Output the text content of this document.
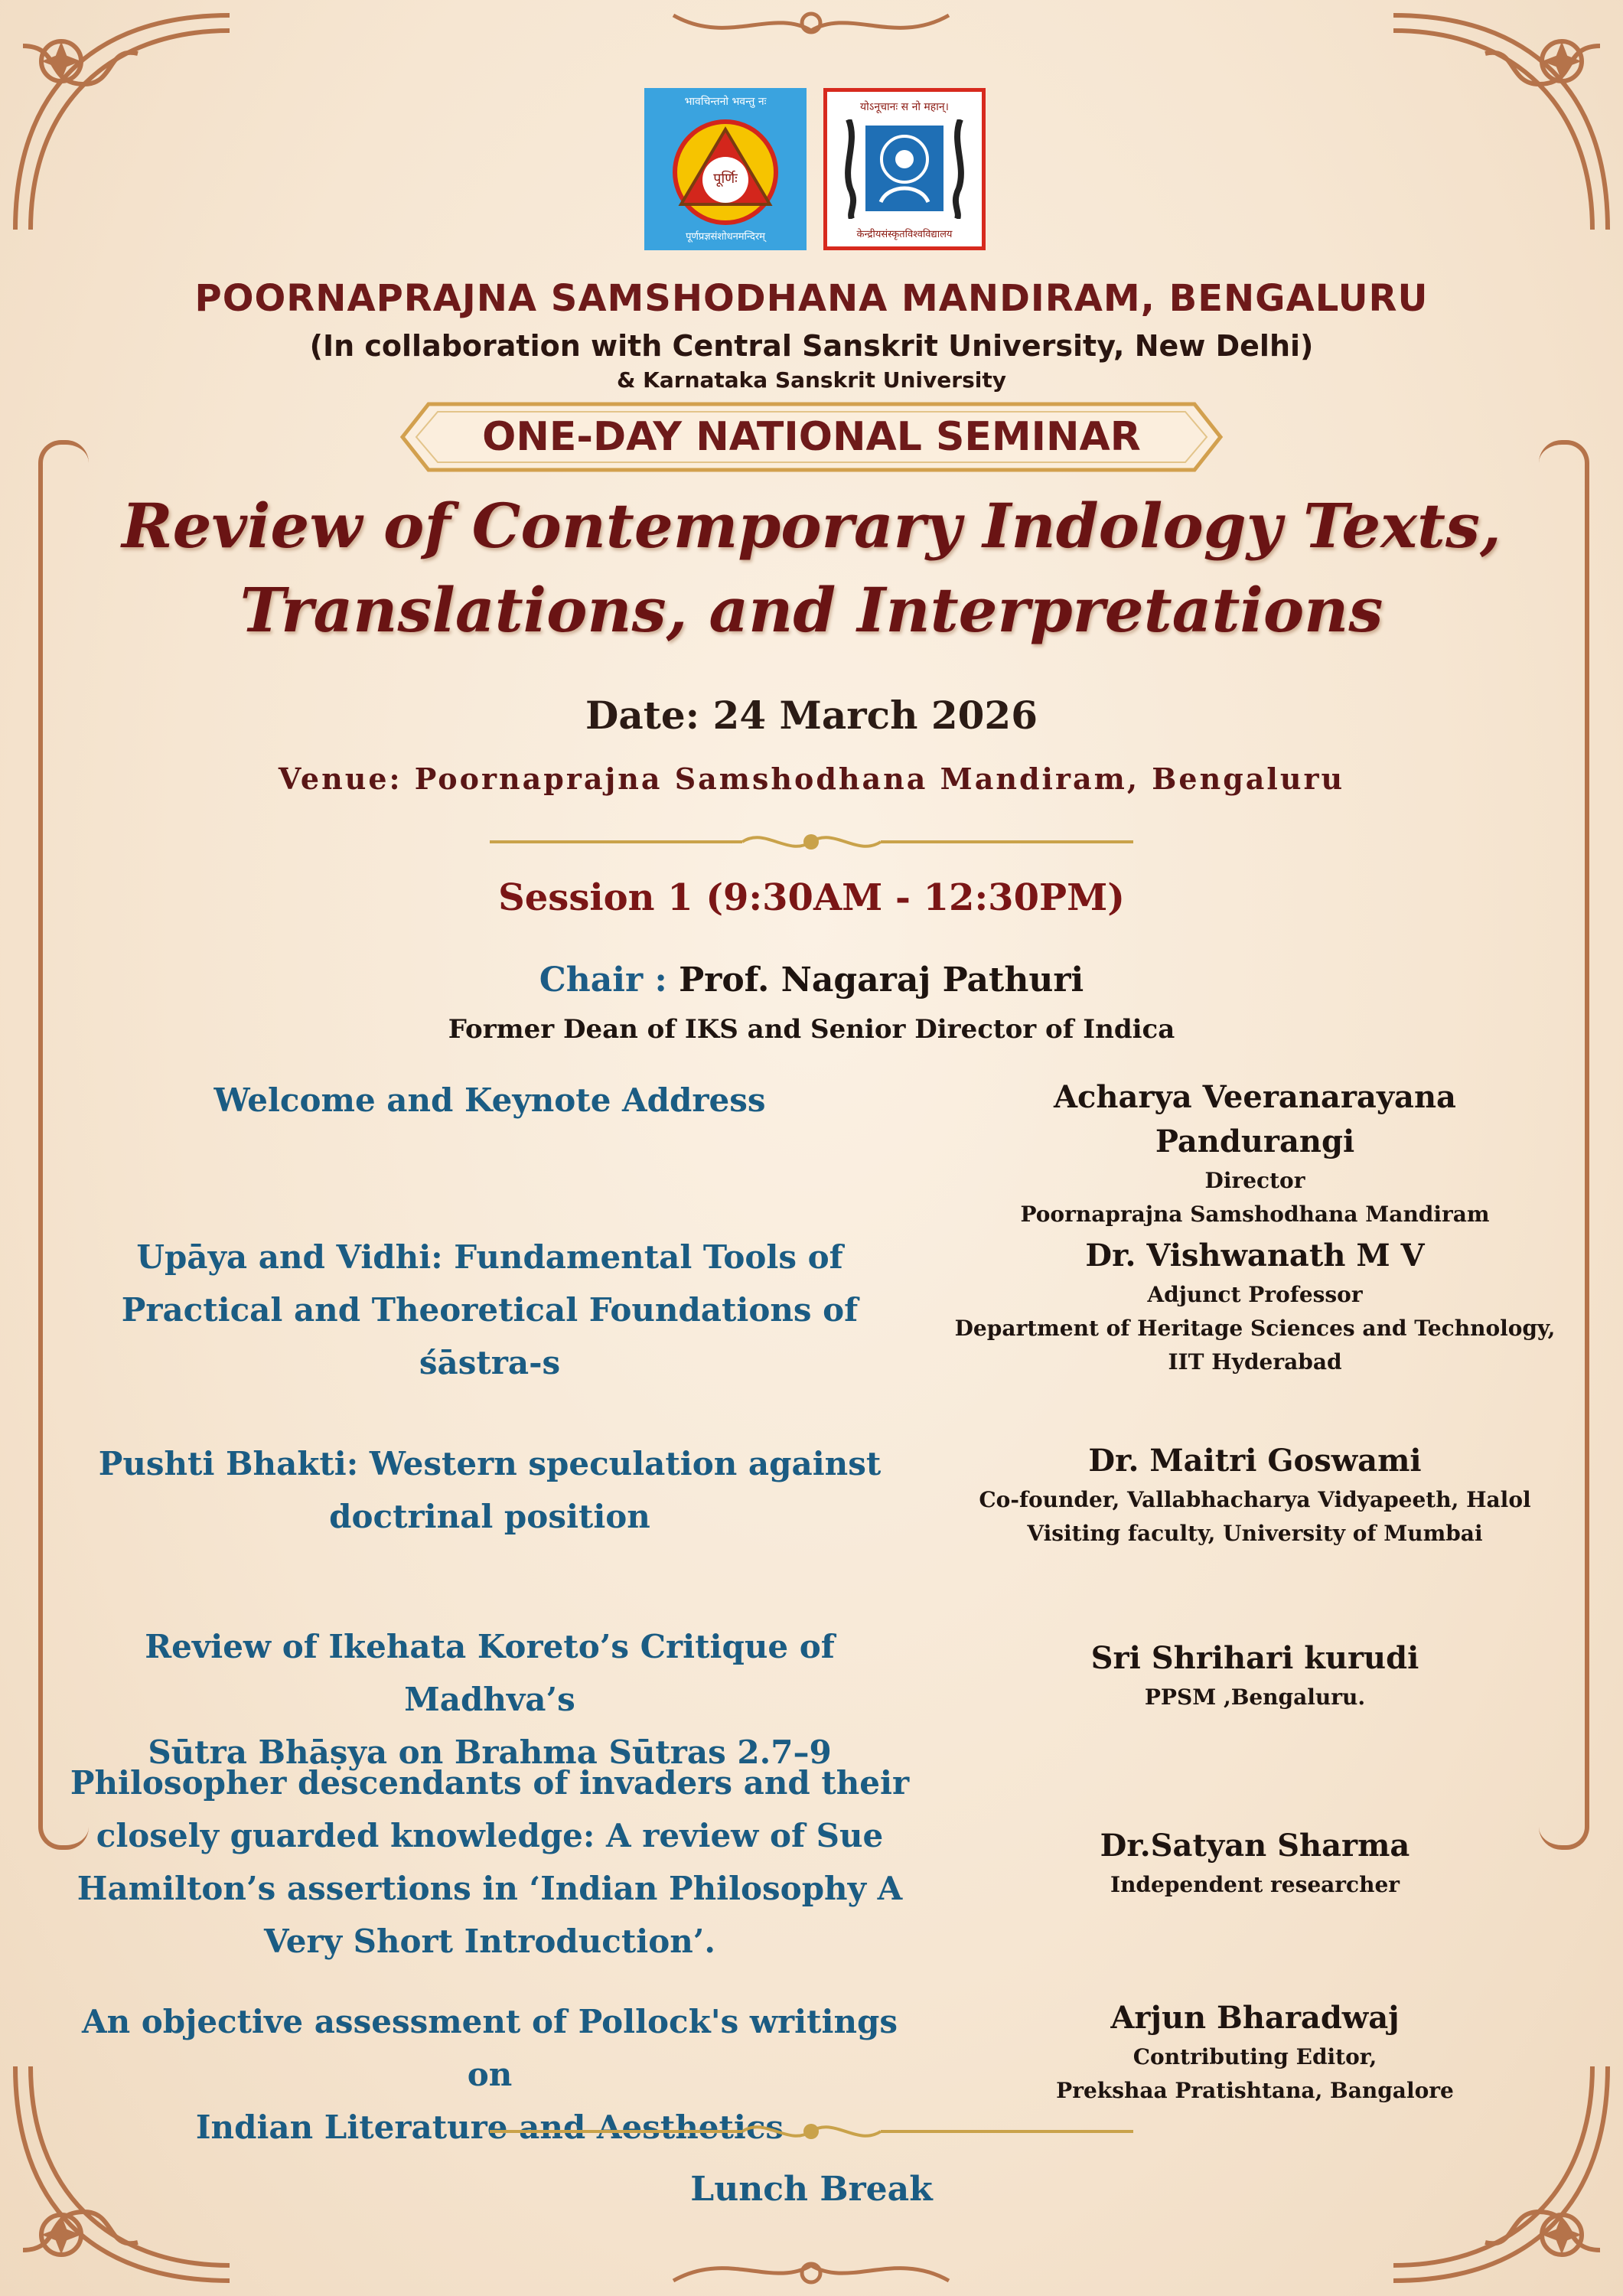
भावचिन्तनो भवन्तु नः
पूर्णिः
पूर्णप्रज्ञसंशोधनमन्दिरम्
योऽनूचानः स नो महान्।
केन्द्रीयसंस्कृतविश्वविद्यालय
POORNAPRAJNA SAMSHODHANA MANDIRAM, BENGALURU
(In collaboration with Central Sanskrit University, New Delhi)
& Karnataka Sanskrit University
ONE-DAY NATIONAL SEMINAR
Review of Contemporary Indology Texts,
Translations, and Interpretations
Date: 24 March 2026
Venue: Poornaprajna Samshodhana Mandiram, Bengaluru
Session 1 (9:30AM - 12:30PM)
Chair : Prof. Nagaraj Pathuri
Former Dean of IKS and Senior Director of Indica
Welcome and Keynote Address	Acharya Veeranarayana Pandurangi
Director
Poornaprajna Samshodhana Mandiram
Upāya and Vidhi: Fundamental Tools of
Practical and Theoretical Foundations of śāstra-s
Dr. Vishwanath M V
Adjunct Professor
Department of Heritage Sciences and Technology,
IIT Hyderabad
Pushti Bhakti: Western speculation against
doctrinal position
Dr. Maitri Goswami
Co-founder, Vallabhacharya Vidyapeeth, Halol
Visiting faculty, University of Mumbai
Review of Ikehata Koreto’s Critique of Madhva’s
Sūtra Bhāṣya on Brahma Sūtras 2.7–9
Sri Shrihari kurudi
PPSM ,Bengaluru.
Philosopher descendants of invaders and their
closely guarded knowledge: A review of Sue
Hamilton’s assertions in ‘Indian Philosophy A
Very Short Introduction’.
Dr.Satyan Sharma
Independent researcher
An objective assessment of Pollock's writings on
Indian Literature and Aesthetics
Arjun Bharadwaj
Contributing Editor,
Prekshaa Pratishtana, Bangalore
Lunch Break
